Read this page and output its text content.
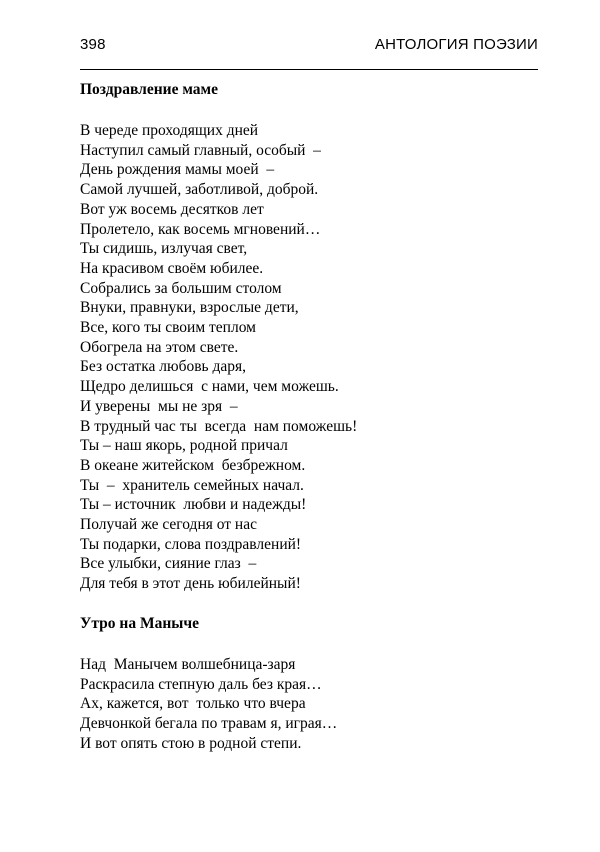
398	АНТОЛОГИЯ ПОЭЗИИ
Поздравление маме
В череде проходящих дней
Наступил самый главный, особый  –
День рождения мамы моей  –
Самой лучшей, заботливой, доброй.
Вот уж восемь десятков лет
Пролетело, как восемь мгновений…
Ты сидишь, излучая свет,
На красивом своём юбилее.
Собрались за большим столом
Внуки, правнуки, взрослые дети,
Все, кого ты своим теплом
Обогрела на этом свете.
Без остатка любовь даря,
Щедро делишься  с нами, чем можешь.
И уверены  мы не зря  –
В трудный час ты  всегда  нам поможешь!
Ты – наш якорь, родной причал
В океане житейском  безбрежном.
Ты  –  хранитель семейных начал.
Ты – источник  любви и надежды!
Получай же сегодня от нас
Ты подарки, слова поздравлений!
Все улыбки, сияние глаз  –
Для тебя в этот день юбилейный!
Утро на Маныче
Над  Манычем волшебница-заря
Раскрасила степную даль без края…
Ах, кажется, вот  только что вчера
Девчонкой бегала по травам я, играя…
И вот опять стою в родной степи.
